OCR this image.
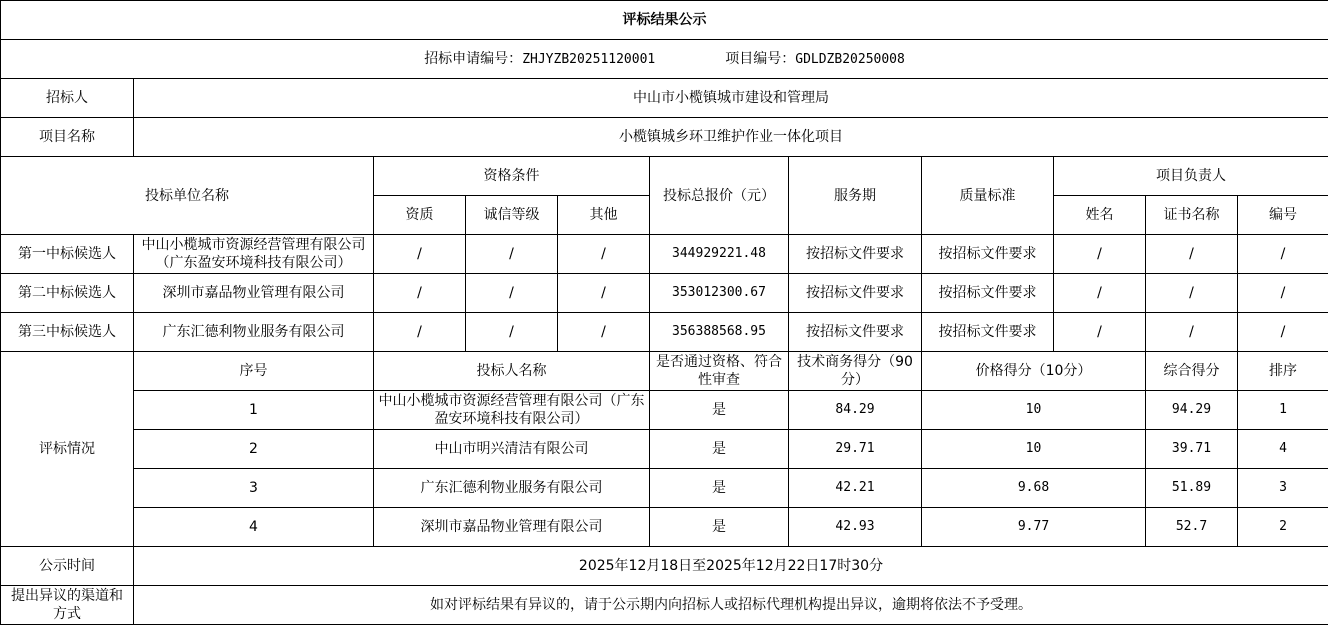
评标结果公示										
招标申请编号：ZHJYZB20251120001 项目编号：GDLDZB20250008										
招标人	中山市小榄镇城市建设和管理局									
项目名称	小榄镇城乡环卫维护作业一体化项目									
投标单位名称		资格条件			投标总报价（元）	服务期	质量标准	项目负责人		
		资质	诚信等级	其他				姓名	证书名称	编号
第一中标候选人	中山小榄城市资源经营管理有限公司（广东盈安环境科技有限公司）	/	/	/	344929221.48	按招标文件要求	按招标文件要求	/	/	/
第二中标候选人	深圳市嘉品物业管理有限公司	/	/	/	353012300.67	按招标文件要求	按招标文件要求	/	/	/
第三中标候选人	广东汇德利物业服务有限公司	/	/	/	356388568.95	按招标文件要求	按招标文件要求	/	/	/
评标情况	序号	投标人名称			是否通过资格、符合性审查	技术商务得分（90分）	价格得分（10分）		综合得分	排序
	1	中山小榄城市资源经营管理有限公司（广东盈安环境科技有限公司）			是	84.29	10		94.29	1
	2	中山市明兴清洁有限公司			是	29.71	10		39.71	4
	3	广东汇德利物业服务有限公司			是	42.21	9.68		51.89	3
	4	深圳市嘉品物业管理有限公司			是	42.93	9.77		52.7	2
公示时间	2025年12月18日至2025年12月22日17时30分									
提出异议的渠道和方式	如对评标结果有异议的，请于公示期内向招标人或招标代理机构提出异议，逾期将依法不予受理。									
